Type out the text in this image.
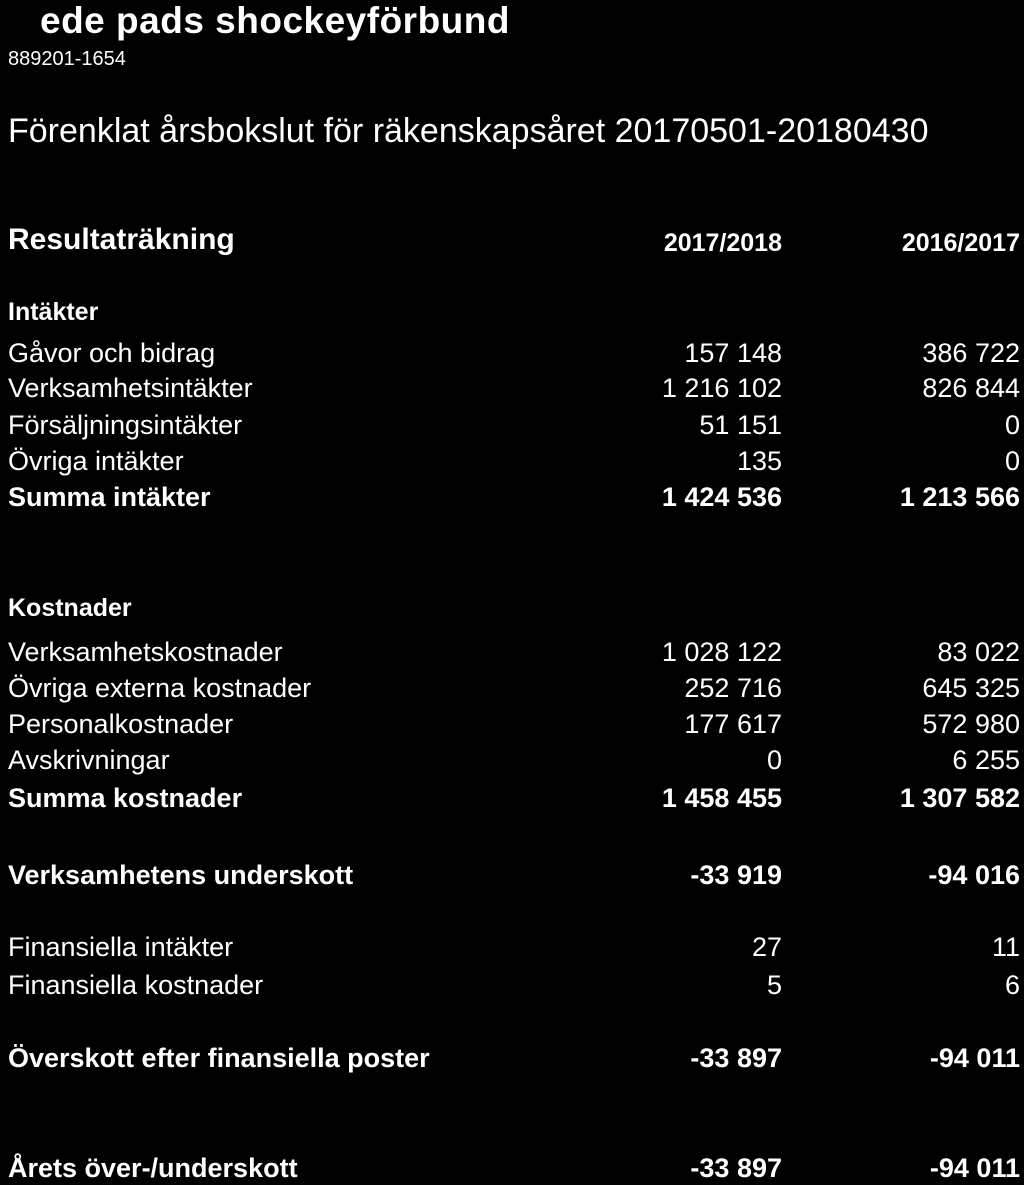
ede pads shockeyförbund
889201-1654
Förenklat årsbokslut för räkenskapsåret 20170501-20180430
Resultaträkning	2017/2018	2016/2017
Intäkter
Gåvor och bidrag	157 148	386 722
Verksamhetsintäkter	1 216 102	826 844
Försäljningsintäkter	51 151	0
Övriga intäkter	135	0
Summa intäkter	1 424 536	1 213 566
Kostnader
Verksamhetskostnader	1 028 122	83 022
Övriga externa kostnader	252 716	645 325
Personalkostnader	177 617	572 980
Avskrivningar	0	6 255
Summa kostnader	1 458 455	1 307 582
Verksamhetens underskott	-33 919	-94 016
Finansiella intäkter	27	11
Finansiella kostnader	5	6
Överskott efter finansiella poster	-33 897	-94 011
Årets över-/underskott	-33 897	-94 011
